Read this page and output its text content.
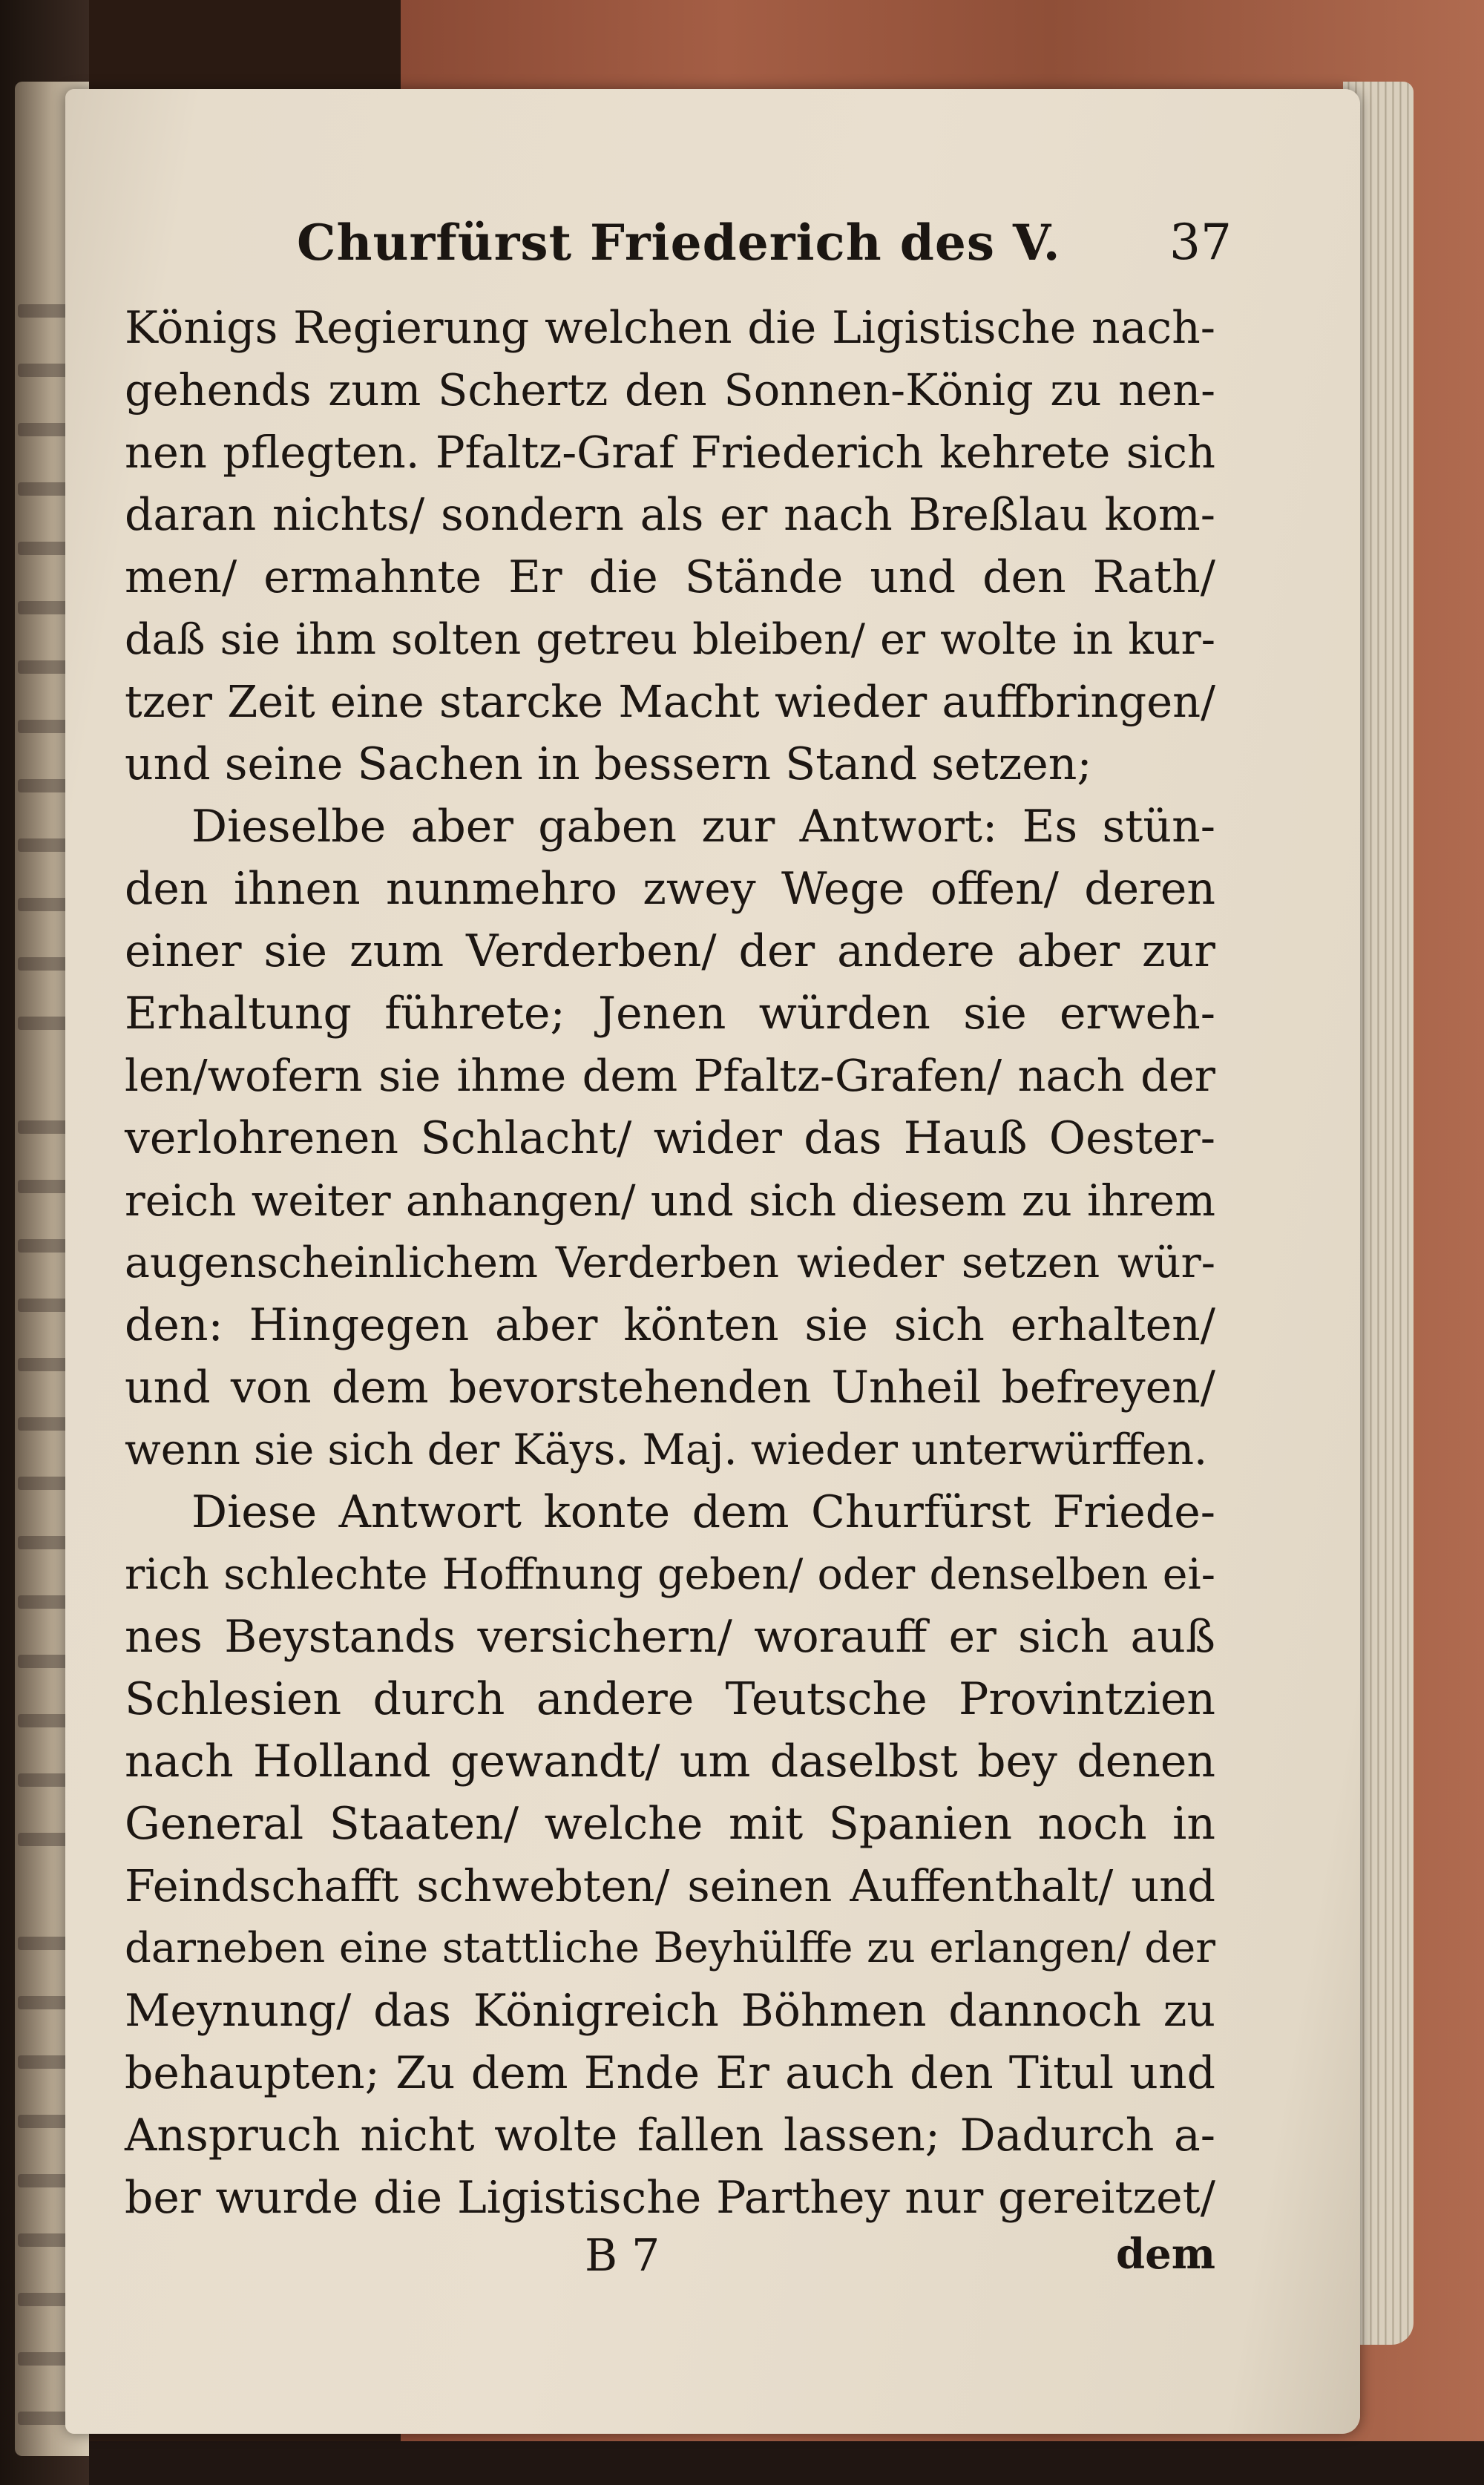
Churfürst Friederich des V. 37
Königs Regierung welchen die Ligistische nach-
gehends zum Schertz den Sonnen-König zu nen-
nen pflegten. Pfaltz-Graf Friederich kehrete sich
daran nichts/ sondern als er nach Breßlau kom-
men/ ermahnte Er die Stände und den Rath/
daß sie ihm solten getreu bleiben/ er wolte in kur-
tzer Zeit eine starcke Macht wieder auffbringen/
und seine Sachen in bessern Stand setzen;
Dieselbe aber gaben zur Antwort: Es stün-
den ihnen nunmehro zwey Wege offen/ deren
einer sie zum Verderben/ der andere aber zur
Erhaltung führete; Jenen würden sie erweh-
len/wofern sie ihme dem Pfaltz-Grafen/ nach der
verlohrenen Schlacht/ wider das Hauß Oester-
reich weiter anhangen/ und sich diesem zu ihrem
augenscheinlichem Verderben wieder setzen wür-
den: Hingegen aber könten sie sich erhalten/
und von dem bevorstehenden Unheil befreyen/
wenn sie sich der Käys. Maj. wieder unterwürffen.
Diese Antwort konte dem Churfürst Friede-
rich schlechte Hoffnung geben/ oder denselben ei-
nes Beystands versichern/ worauff er sich auß
Schlesien durch andere Teutsche Provintzien
nach Holland gewandt/ um daselbst bey denen
General Staaten/ welche mit Spanien noch in
Feindschafft schwebten/ seinen Auffenthalt/ und
darneben eine stattliche Beyhülffe zu erlangen/ der
Meynung/ das Königreich Böhmen dannoch zu
behaupten; Zu dem Ende Er auch den Titul und
Anspruch nicht wolte fallen lassen; Dadurch a-
ber wurde die Ligistische Parthey nur gereitzet/
B 7	dem
